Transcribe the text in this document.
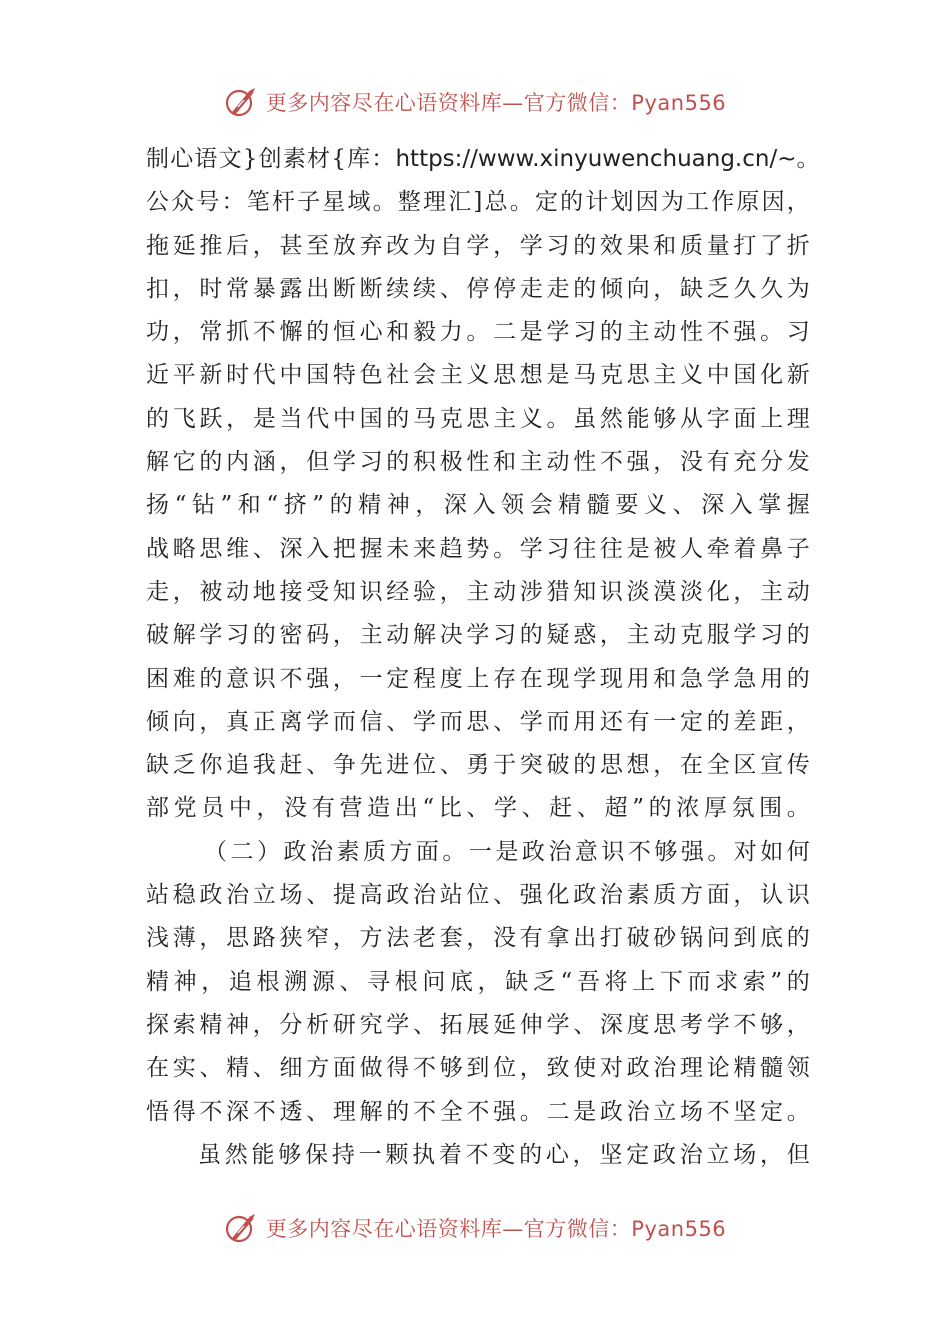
更多内容尽在心语资料库—官方微信：Pyan556
制心语文}创素材{库：https://www.xinyuwenchuang.cn/~。
公众号：笔杆子星域。整理汇]总。定的计划因为工作原因，
拖延推后，甚至放弃改为自学，学习的效果和质量打了折
扣，时常暴露出断断续续、停停走走的倾向，缺乏久久为
功，常抓不懈的恒心和毅力。二是学习的主动性不强。习
近平新时代中国特色社会主义思想是马克思主义中国化新
的飞跃，是当代中国的马克思主义。虽然能够从字面上理
解它的内涵，但学习的积极性和主动性不强，没有充分发
扬“钻”和“挤”的精神，深入领会精髓要义、深入掌握
战略思维、深入把握未来趋势。学习往往是被人牵着鼻子
走，被动地接受知识经验，主动涉猎知识淡漠淡化，主动
破解学习的密码，主动解决学习的疑惑，主动克服学习的
困难的意识不强，一定程度上存在现学现用和急学急用的
倾向，真正离学而信、学而思、学而用还有一定的差距，
缺乏你追我赶、争先进位、勇于突破的思想，在全区宣传
部党员中，没有营造出“比、学、赶、超”的浓厚氛围。
（二）政治素质方面。一是政治意识不够强。对如何
站稳政治立场、提高政治站位、强化政治素质方面，认识
浅薄，思路狭窄，方法老套，没有拿出打破砂锅问到底的
精神，追根溯源、寻根问底，缺乏“吾将上下而求索”的
探索精神，分析研究学、拓展延伸学、深度思考学不够，
在实、精、细方面做得不够到位，致使对政治理论精髓领
悟得不深不透、理解的不全不强。二是政治立场不坚定。
虽然能够保持一颗执着不变的心，坚定政治立场，但
更多内容尽在心语资料库—官方微信：Pyan556
